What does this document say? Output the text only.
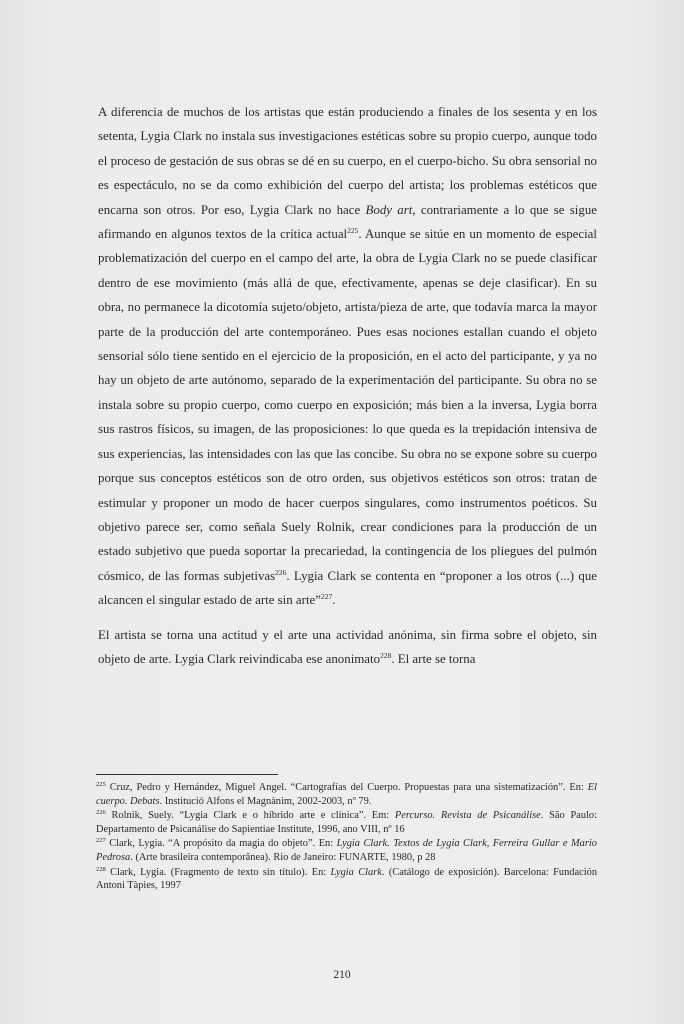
A diferencia de muchos de los artistas que están produciendo a finales de los sesenta y en los setenta, Lygia Clark no instala sus investigaciones estéticas sobre su propio cuerpo, aunque todo el proceso de gestación de sus obras se dé en su cuerpo, en el cuerpo-bicho. Su obra sensorial no es espectáculo, no se da como exhibición del cuerpo del artista; los problemas estéticos que encarna son otros. Por eso, Lygia Clark no hace Body art, contrariamente a lo que se sigue afirmando en algunos textos de la crítica actual$^{225}$. Aunque se sitúe en un momento de especial problematización del cuerpo en el campo del arte, la obra de Lygia Clark no se puede clasificar dentro de ese movimiento (más allá de que, efectivamente, apenas se deje clasificar). En su obra, no permanece la dicotomía sujeto/objeto, artista/pieza de arte, que todavía marca la mayor parte de la producción del arte contemporáneo. Pues esas nociones estallan cuando el objeto sensorial sólo tiene sentido en el ejercicio de la proposición, en el acto del participante, y ya no hay un objeto de arte autónomo, separado de la experimentación del participante. Su obra no se instala sobre su propio cuerpo, como cuerpo en exposición; más bien a la inversa, Lygia borra sus rastros físicos, su imagen, de las proposiciones: lo que queda es la trepidación intensiva de sus experiencias, las intensidades con las que las concibe. Su obra no se expone sobre su cuerpo porque sus conceptos estéticos son de otro orden, sus objetivos estéticos son otros: tratan de estimular y proponer un modo de hacer cuerpos singulares, como instrumentos poéticos. Su objetivo parece ser, como señala Suely Rolnik, crear condiciones para la producción de un estado subjetivo que pueda soportar la precariedad, la contingencia de los pliegues del pulmón cósmico, de las formas subjetivas$^{226}$. Lygia Clark se contenta en “proponer a los otros (...) que alcancen el singular estado de arte sin arte”$^{227}$.

El artista se torna una actitud y el arte una actividad anónima, sin firma sobre el objeto, sin objeto de arte. Lygia Clark reivindicaba ese anonimato$^{228}$. El arte se torna

$^{225}$ Cruz, Pedro y Hernández, Miguel Angel. “Cartografías del Cuerpo. Propuestas para una sistematización”. En: El cuerpo. Debats. Institució Alfons el Magnànim, 2002-2003, nº 79.

$^{226}$ Rolnik, Suely. “Lygia Clark e o híbrido arte e clínica”. Em: Percurso. Revista de Psicanálise. São Paulo: Departamento de Psicanálise do Sapientiae Institute, 1996, ano VIII, nº 16

$^{227}$ Clark, Lygia. “A propósito da magia do objeto”. En: Lygia Clark. Textos de Lygia Clark, Ferreira Gullar e Mario Pedrosa. (Arte brasileira contemporânea). Rio de Janeiro: FUNARTE, 1980, p 28

$^{228}$ Clark, Lygia. (Fragmento de texto sin título). En: Lygia Clark. (Catálogo de exposición). Barcelona: Fundación Antoni Tàpies, 1997

210
